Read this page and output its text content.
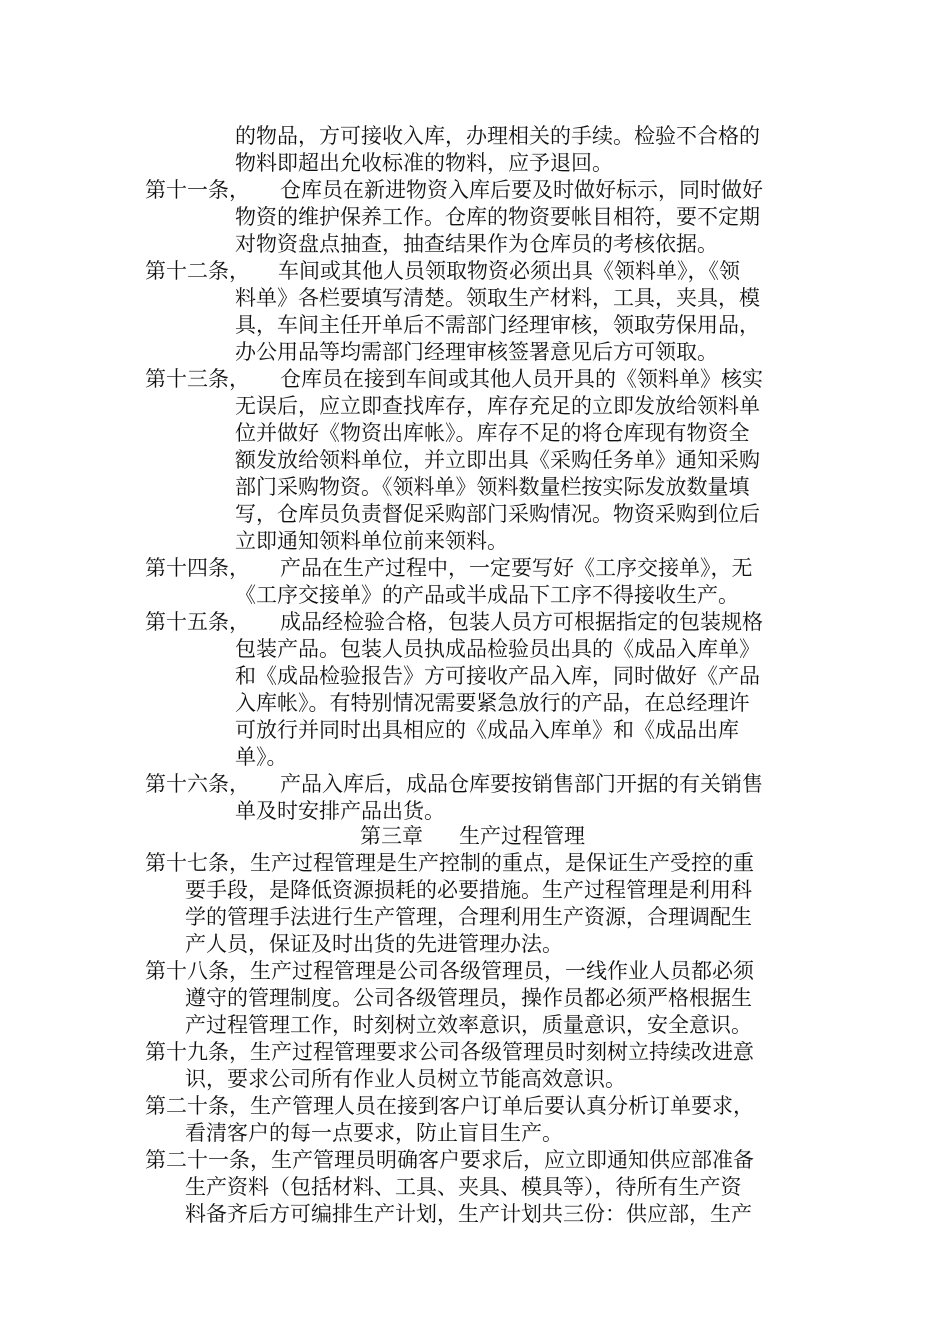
的物品，方可接收入库，办理相关的手续。检验不合格的
物料即超出允收标准的物料，应予退回。
第十一条， 仓库员在新进物资入库后要及时做好标示，同时做好
物资的维护保养工作。仓库的物资要帐目相符，要不定期
对物资盘点抽查，抽查结果作为仓库员的考核依据。
第十二条， 车间或其他人员领取物资必须出具《领料单》，《领
料单》各栏要填写清楚。领取生产材料，工具，夹具，模
具，车间主任开单后不需部门经理审核，领取劳保用品，
办公用品等均需部门经理审核签署意见后方可领取。
第十三条， 仓库员在接到车间或其他人员开具的《领料单》核实
无误后，应立即查找库存，库存充足的立即发放给领料单
位并做好《物资出库帐》。库存不足的将仓库现有物资全
额发放给领料单位，并立即出具《采购任务单》通知采购
部门采购物资。《领料单》领料数量栏按实际发放数量填
写，仓库员负责督促采购部门采购情况。物资采购到位后
立即通知领料单位前来领料。
第十四条， 产品在生产过程中，一定要写好《工序交接单》，无
《工序交接单》的产品或半成品下工序不得接收生产。
第十五条， 成品经检验合格，包装人员方可根据指定的包装规格
包装产品。包装人员执成品检验员出具的《成品入库单》
和《成品检验报告》方可接收产品入库，同时做好《产品
入库帐》。有特别情况需要紧急放行的产品，在总经理许
可放行并同时出具相应的《成品入库单》和《成品出库
单》。
第十六条， 产品入库后，成品仓库要按销售部门开据的有关销售
单及时安排产品出货。
第三章 生产过程管理
第十七条，生产过程管理是生产控制的重点，是保证生产受控的重
要手段，是降低资源损耗的必要措施。生产过程管理是利用科
学的管理手法进行生产管理，合理利用生产资源，合理调配生
产人员，保证及时出货的先进管理办法。
第十八条，生产过程管理是公司各级管理员，一线作业人员都必须
遵守的管理制度。公司各级管理员，操作员都必须严格根据生
产过程管理工作，时刻树立效率意识，质量意识，安全意识。
第十九条，生产过程管理要求公司各级管理员时刻树立持续改进意
识，要求公司所有作业人员树立节能高效意识。
第二十条，生产管理人员在接到客户订单后要认真分析订单要求，
看清客户的每一点要求，防止盲目生产。
第二十一条，生产管理员明确客户要求后，应立即通知供应部准备
生产资料（包括材料、工具、夹具、模具等），待所有生产资
料备齐后方可编排生产计划，生产计划共三份：供应部，生产
